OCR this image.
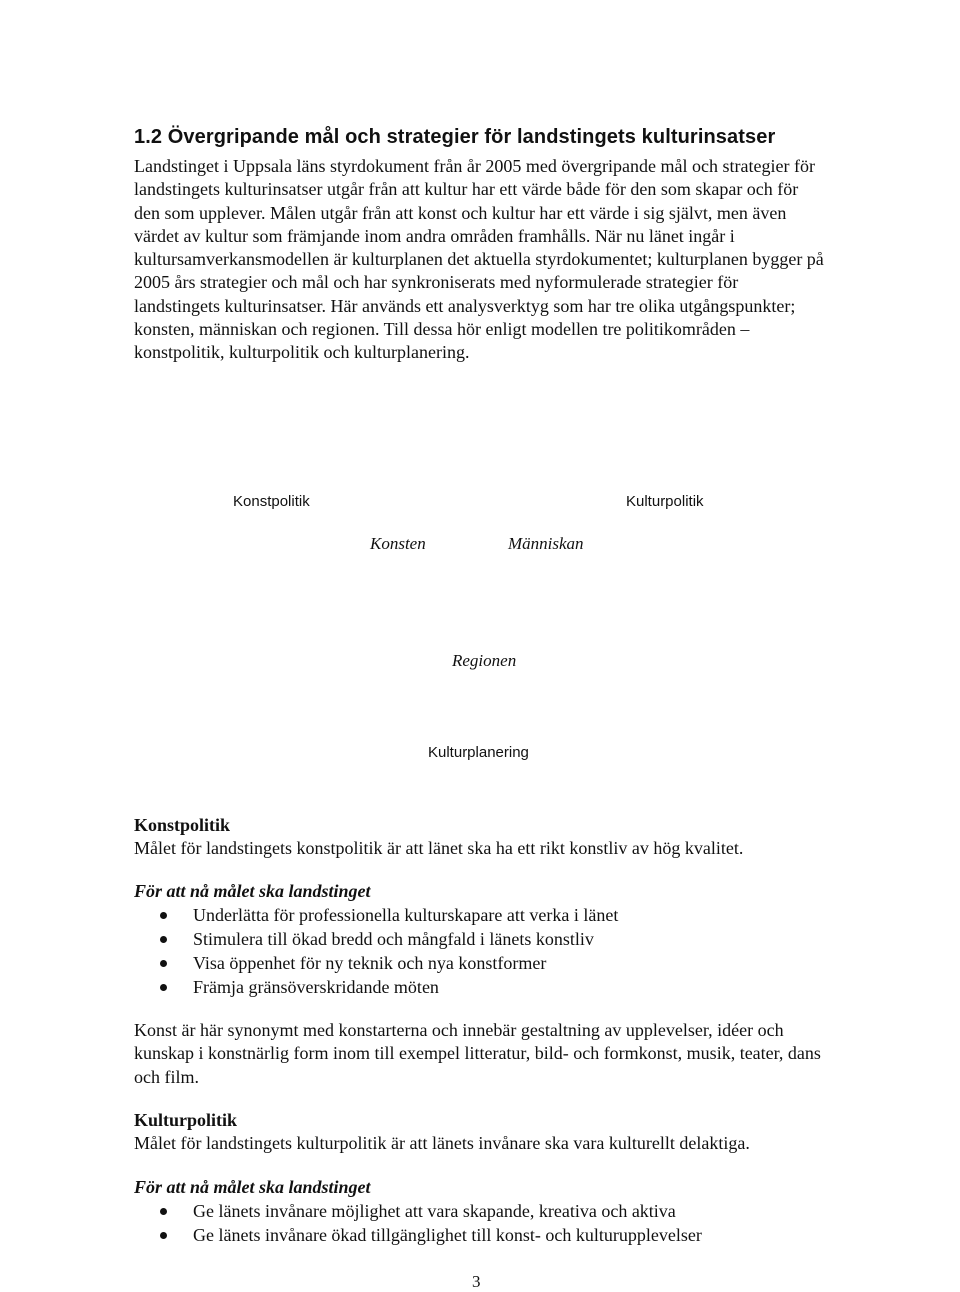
1.2 Övergripande mål och strategier för landstingets kulturinsatser

Landstinget i Uppsala läns styrdokument från år 2005 med övergripande mål och strategier för landstingets kulturinsatser utgår från att kultur har ett värde både för den som skapar och för den som upplever. Målen utgår från att konst och kultur har ett värde i sig självt, men även värdet av kultur som främjande inom andra områden framhålls. När nu länet ingår i kultursamverkansmodellen är kulturplanen det aktuella styrdokumentet; kulturplanen bygger på 2005 års strategier och mål och har synkroniserats med nyformulerade strategier för landstingets kulturinsatser. Här används ett analysverktyg som har tre olika utgångspunkter; konsten, människan och regionen. Till dessa hör enligt modellen tre politikområden – konstpolitik, kulturpolitik och kulturplanering.

Konstpolitik	Kulturpolitik

Konsten	Människan

Regionen

Kulturplanering

Konstpolitik

Målet för landstingets konstpolitik är att länet ska ha ett rikt konstliv av hög kvalitet.

För att nå målet ska landstinget

Underlätta för professionella kulturskapare att verka i länet
Stimulera till ökad bredd och mångfald i länets konstliv
Visa öppenhet för ny teknik och nya konstformer
Främja gränsöverskridande möten

Konst är här synonymt med konstarterna och innebär gestaltning av upplevelser, idéer och kunskap i konstnärlig form inom till exempel litteratur, bild- och formkonst, musik, teater, dans och film.

Kulturpolitik

Målet för landstingets kulturpolitik är att länets invånare ska vara kulturellt delaktiga.

För att nå målet ska landstinget

Ge länets invånare möjlighet att vara skapande, kreativa och aktiva
Ge länets invånare ökad tillgänglighet till konst- och kulturupplevelser

3
